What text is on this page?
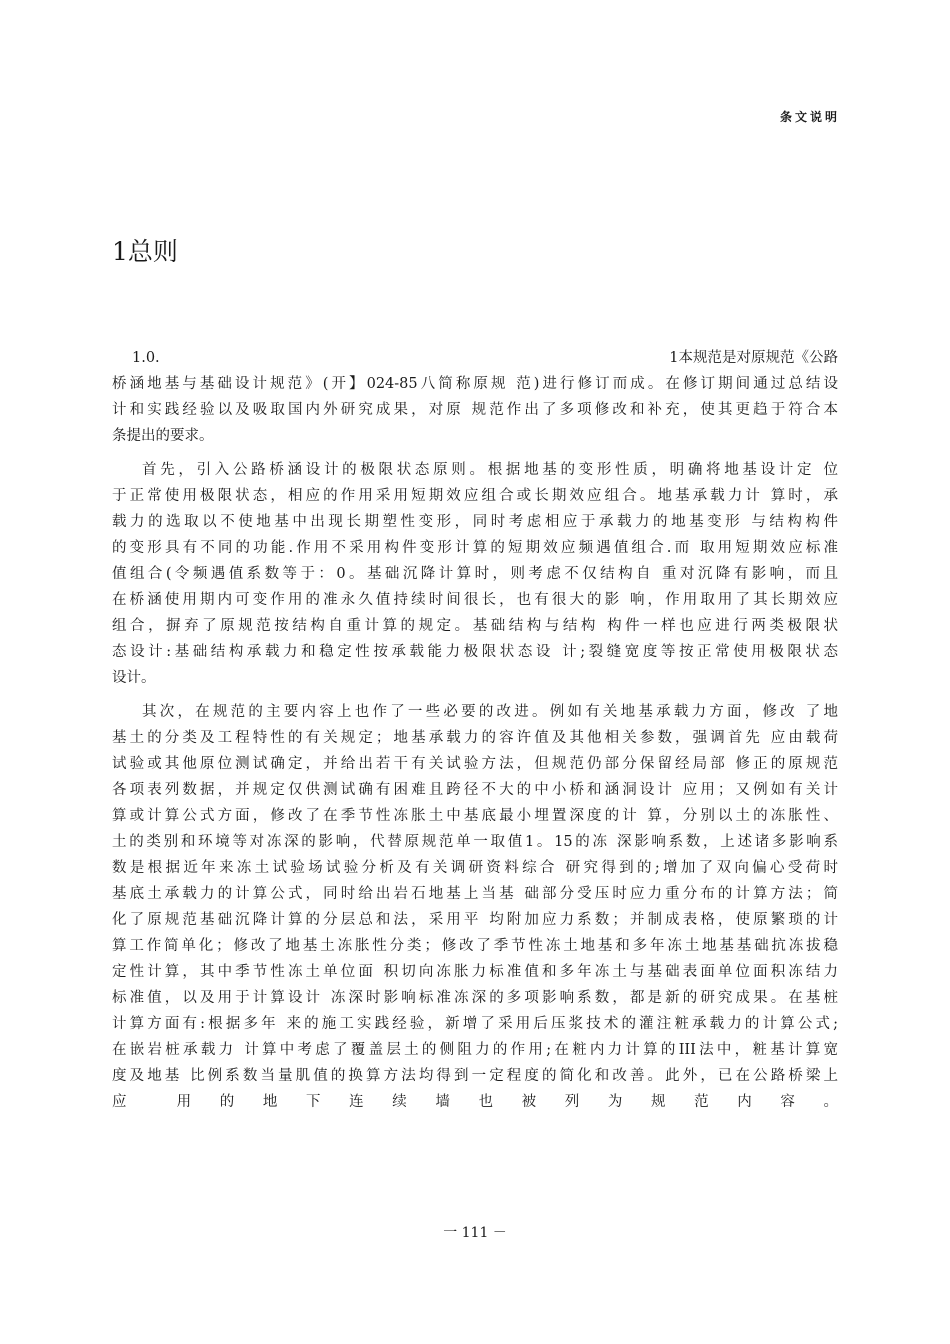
条文说明
1总则
1.0.	1本规范是对原规范《公路
桥涵地基与基础设计规范》(开】024-85八简称原规 范)进行修订而成。在修订期间通过总结设
计和实践经验以及吸取国内外研究成果，对原 规范作出了多项修改和补充，使其更趋于符合本
条提出的要求。
首先，引入公路桥涵设计的极限状态原则。根据地基的变形性质，明确将地基设计定 位
于正常使用极限状态，相应的作用采用短期效应组合或长期效应组合。地基承载力计 算时，承
载力的选取以不使地基中出现长期塑性变形，同时考虑相应于承载力的地基变形 与结构构件
的变形具有不同的功能.作用不采用构件变形计算的短期效应频遇值组合.而 取用短期效应标准
值组合(令频遇值系数等于：0。基础沉降计算时，则考虑不仅结构自 重对沉降有影响，而且
在桥涵使用期内可变作用的准永久值持续时间很长，也有很大的影 响，作用取用了其长期效应
组合，摒弃了原规范按结构自重计算的规定。基础结构与结构 构件一样也应进行两类极限状
态设计:基础结构承载力和稳定性按承载能力极限状态设 计;裂缝宽度等按正常使用极限状态
设计。
其次，在规范的主要内容上也作了一些必要的改进。例如有关地基承载力方面，修改 了地
基土的分类及工程特性的有关规定；地基承载力的容许值及其他相关参数，强调首先 应由载荷
试验或其他原位测试确定，并给出若干有关试验方法，但规范仍部分保留经局部 修正的原规范
各项表列数据，并规定仅供测试确有困难且跨径不大的中小桥和涵洞设计 应用；又例如有关计
算或计算公式方面，修改了在季节性冻胀土中基底最小埋置深度的计 算，分别以土的冻胀性、
土的类别和环境等对冻深的影响，代替原规范单一取值1。15的冻 深影响系数，上述诸多影响系
数是根据近年来冻土试验场试验分析及有关调研资料综合 研究得到的;增加了双向偏心受荷时
基底土承载力的计算公式，同时给出岩石地基上当基 础部分受压时应力重分布的计算方法；简
化了原规范基础沉降计算的分层总和法，采用平 均附加应力系数；并制成表格，使原繁琐的计
算工作简单化；修改了地基土冻胀性分类；修改了季节性冻土地基和多年冻土地基基础抗冻拔稳
定性计算，其中季节性冻土单位面 积切向冻胀力标准值和多年冻土与基础表面单位面积冻结力
标准值，以及用于计算设计 冻深时影响标准冻深的多项影响系数，都是新的研究成果。在基桩
计算方面有:根据多年 来的施工实践经验，新增了采用后压浆技术的灌注粧承载力的计算公式;
在嵌岩桩承载力 计算中考虑了覆盖层土的侧阻力的作用;在粧内力计算的III法中，粧基计算宽
度及地基 比例系数当量肌值的换算方法均得到一定程度的简化和改善。此外，已在公路桥梁上
应　　用　的　地　下　连　续　墙　也　被　列　为　规　范　内　容　。
一 111 －
